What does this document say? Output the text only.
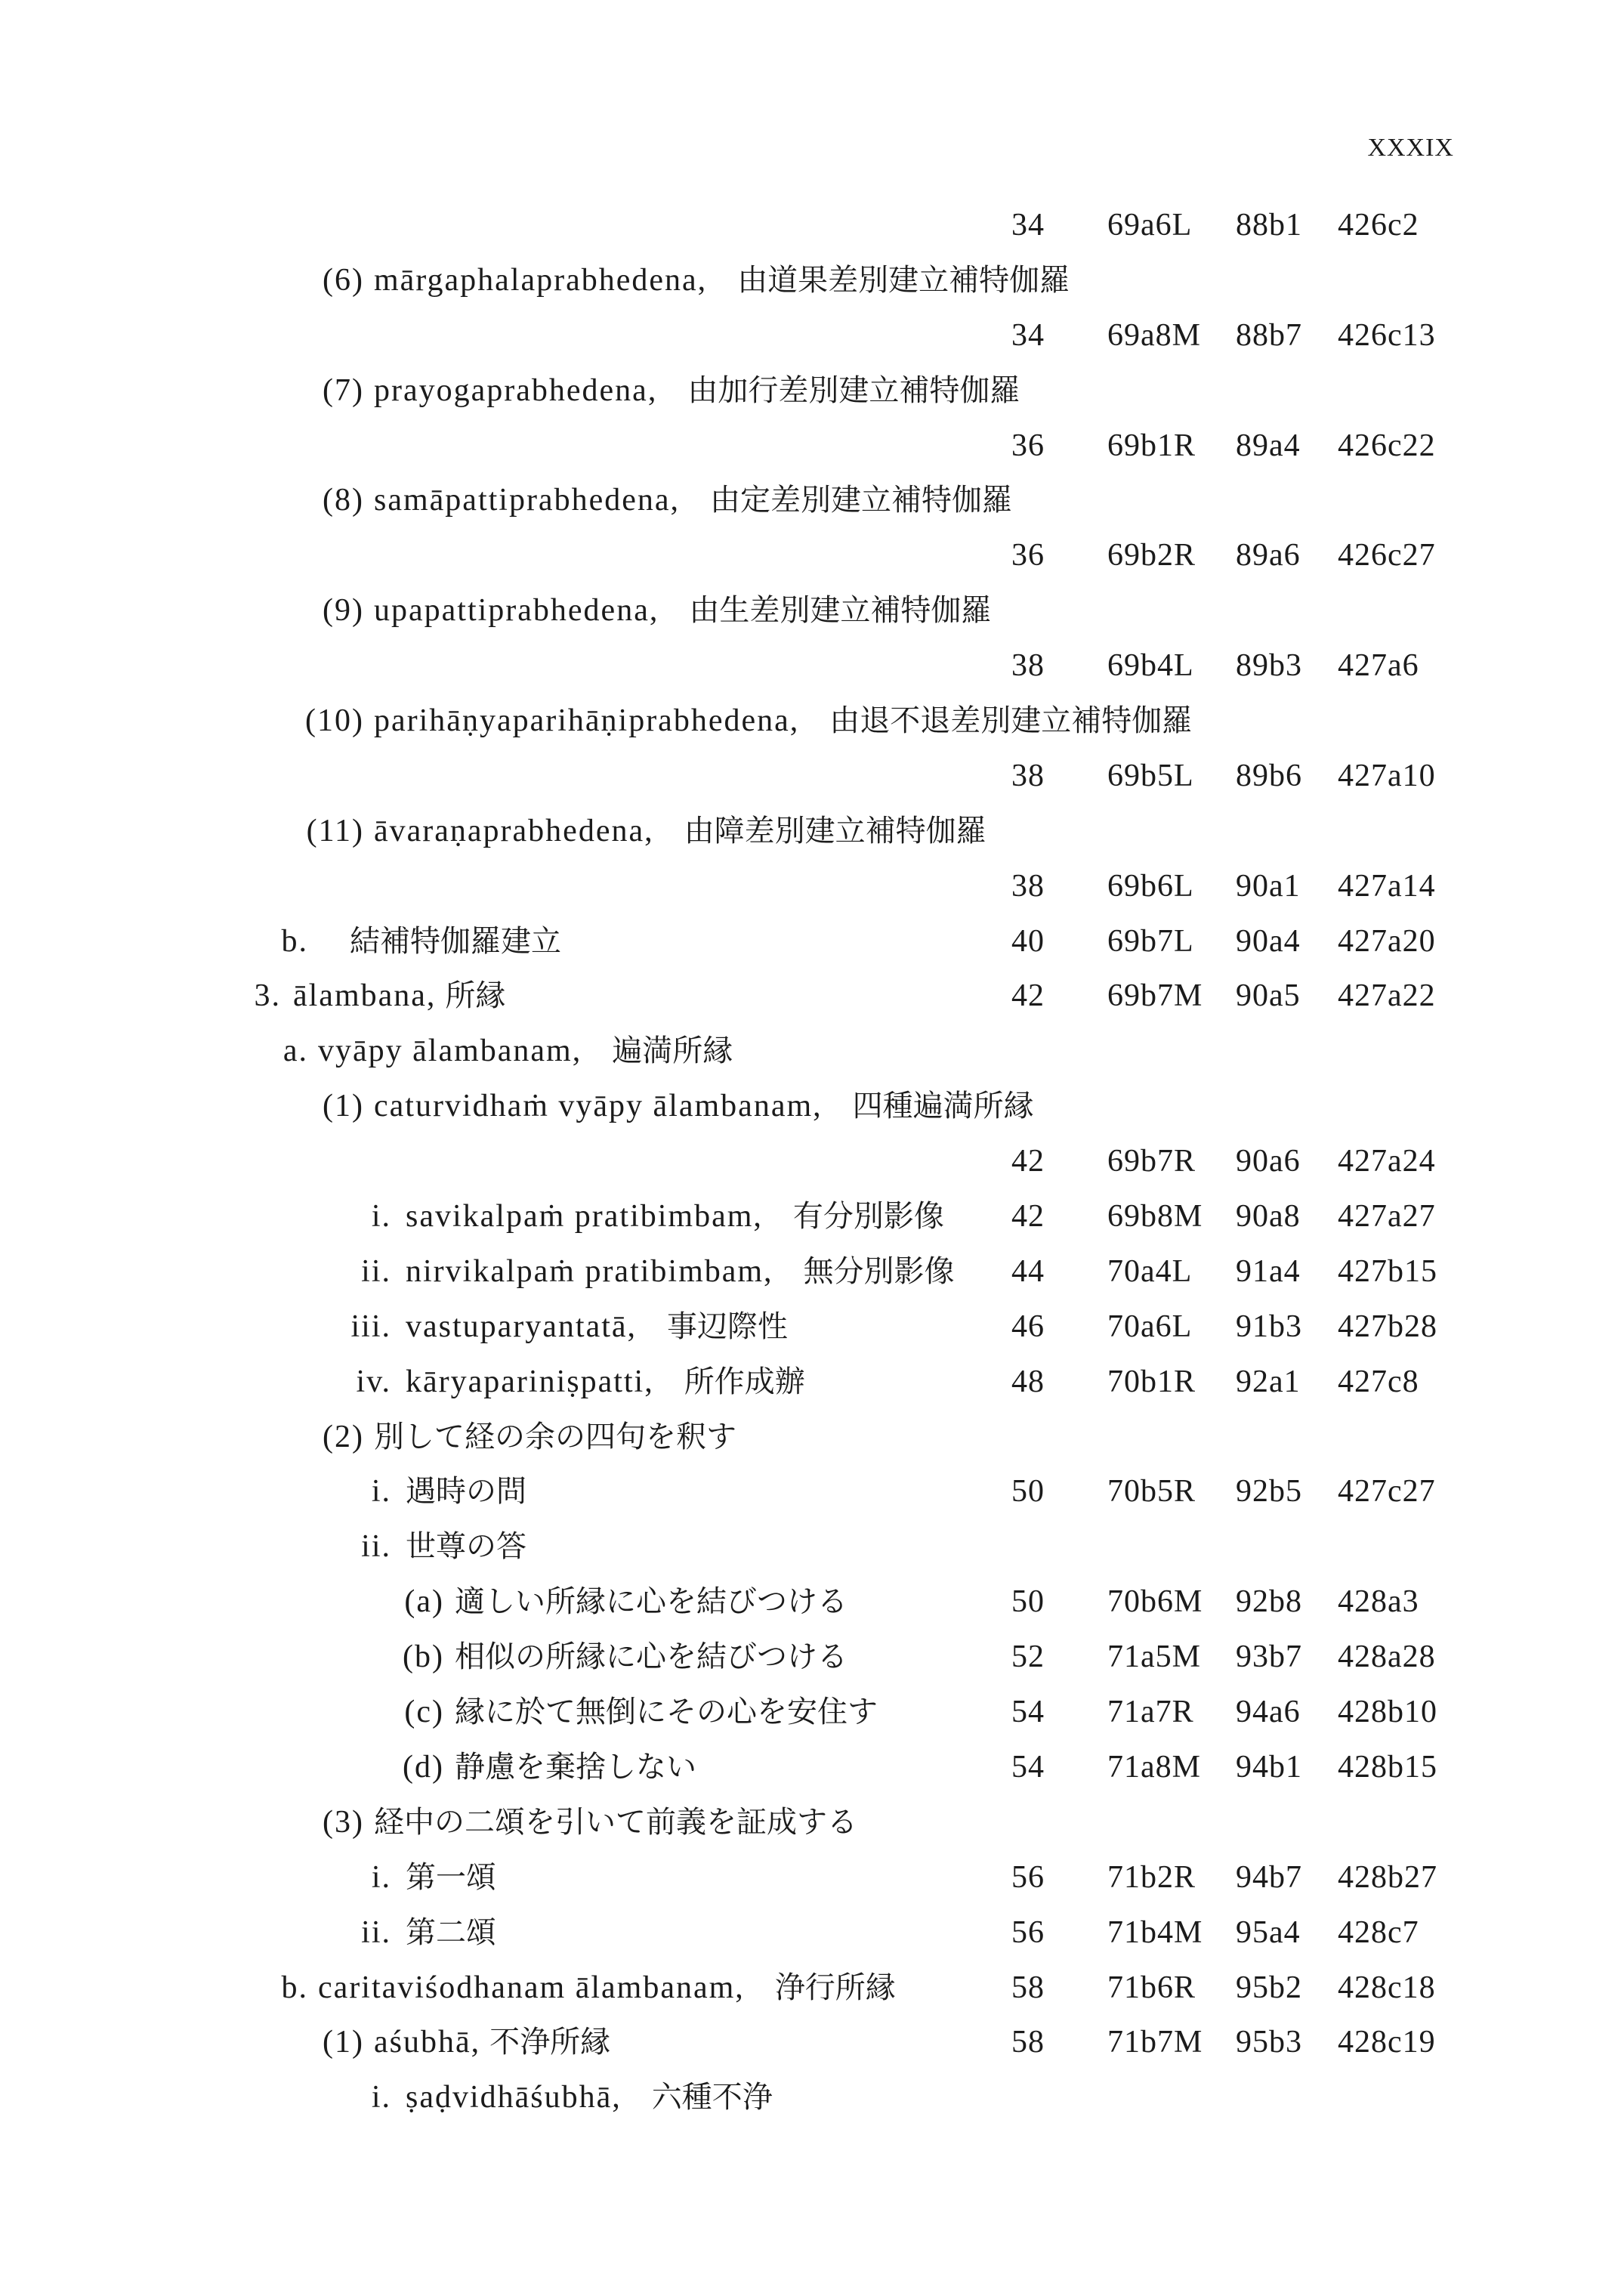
XXXIX
34 69a6L 88b1 426c2
(6) mārgaphalaprabhedena, 由道果差別建立補特伽羅
34 69a8M 88b7 426c13
(7) prayogaprabhedena, 由加行差別建立補特伽羅
36 69b1R 89a4 426c22
(8) samāpattiprabhedena, 由定差別建立補特伽羅
36 69b2R 89a6 426c27
(9) upapattiprabhedena, 由生差別建立補特伽羅
38 69b4L 89b3 427a6
(10) parihāṇyaparihāṇiprabhedena, 由退不退差別建立補特伽羅
38 69b5L 89b6 427a10
(11) āvaraṇaprabhedena, 由障差別建立補特伽羅
38 69b6L 90a1 427a14
b. 結補特伽羅建立	40 69b7L 90a4 427a20
3. ālambana, 所縁	42 69b7M 90a5 427a22
a. vyāpy ālambanam, 遍満所縁
(1) caturvidhaṁ vyāpy ālambanam, 四種遍満所縁
42 69b7R 90a6 427a24
i. savikalpaṁ pratibimbam, 有分別影像 42 69b8M 90a8 427a27
ii. nirvikalpaṁ pratibimbam, 無分別影像 44 70a4L 91a4 427b15
iii. vastuparyantatā, 事辺際性	46 70a6L 91b3 427b28
iv. kāryapariniṣpatti, 所作成辦	48 70b1R 92a1 427c8
(2) 別して経の余の四句を釈す
i. 遇時の問	50 70b5R 92b5 427c27
ii. 世尊の答
(a) 適しい所縁に心を結びつける	50 70b6M 92b8 428a3
(b) 相似の所縁に心を結びつける	52 71a5M 93b7 428a28
(c) 縁に於て無倒にその心を安住す	54 71a7R 94a6 428b10
(d) 静慮を棄捨しない	54 71a8M 94b1 428b15
(3) 経中の二頌を引いて前義を証成する
i. 第一頌	56 71b2R 94b7 428b27
ii. 第二頌	56 71b4M 95a4 428c7
b. caritaviśodhanam ālambanam, 浄行所縁	58 71b6R 95b2 428c18
(1) aśubhā, 不浄所縁	58 71b7M 95b3 428c19
i. ṣaḍvidhāśubhā, 六種不浄
